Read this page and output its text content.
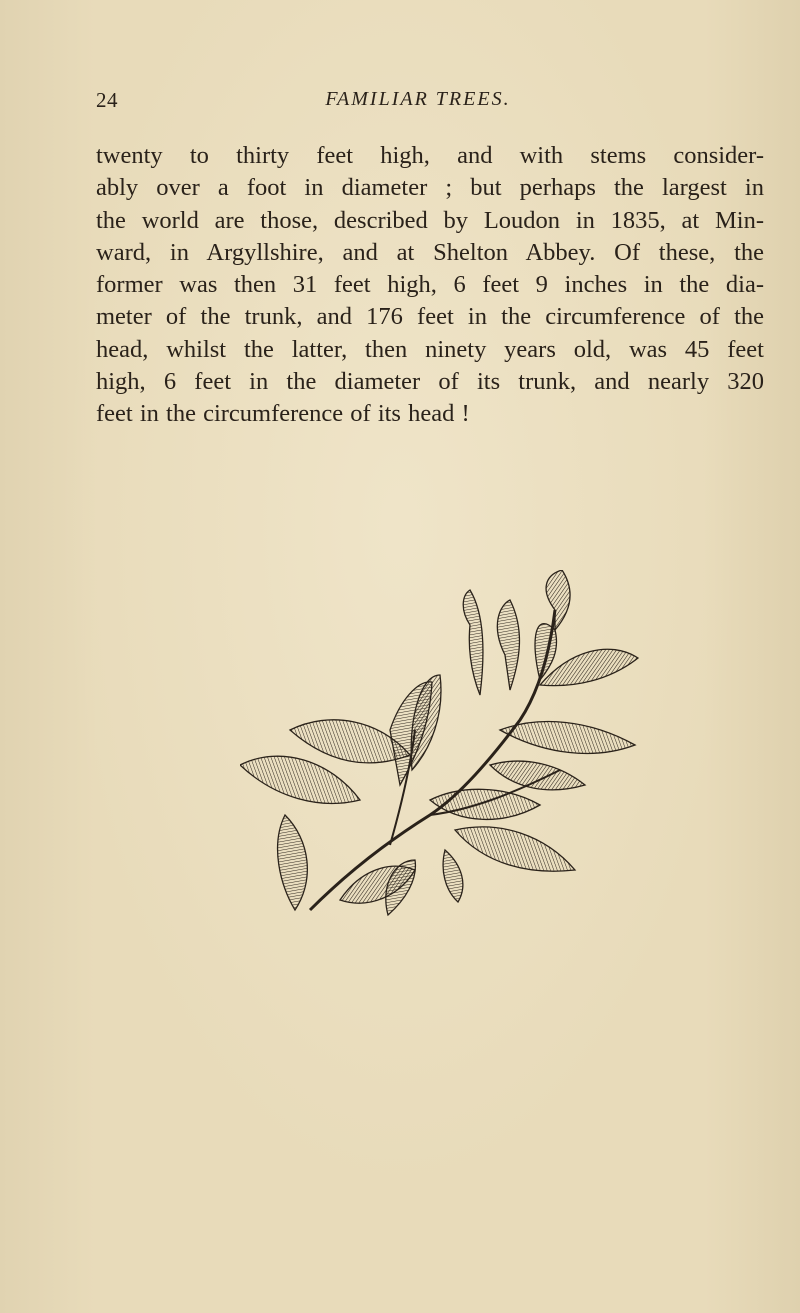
24	FAMILIAR TREES.
twenty to thirty feet high, and with stems consider-
ably over a foot in diameter ; but perhaps the largest in
the world are those, described by Loudon in 1835, at Min-
ward, in Argyllshire, and at Shelton Abbey. Of these, the
former was then 31 feet high, 6 feet 9 inches in the dia-
meter of the trunk, and 176 feet in the circumference of the
head, whilst the latter, then ninety years old, was 45 feet
high, 6 feet in the diameter of its trunk, and nearly 320
feet in the circumference of its head !
